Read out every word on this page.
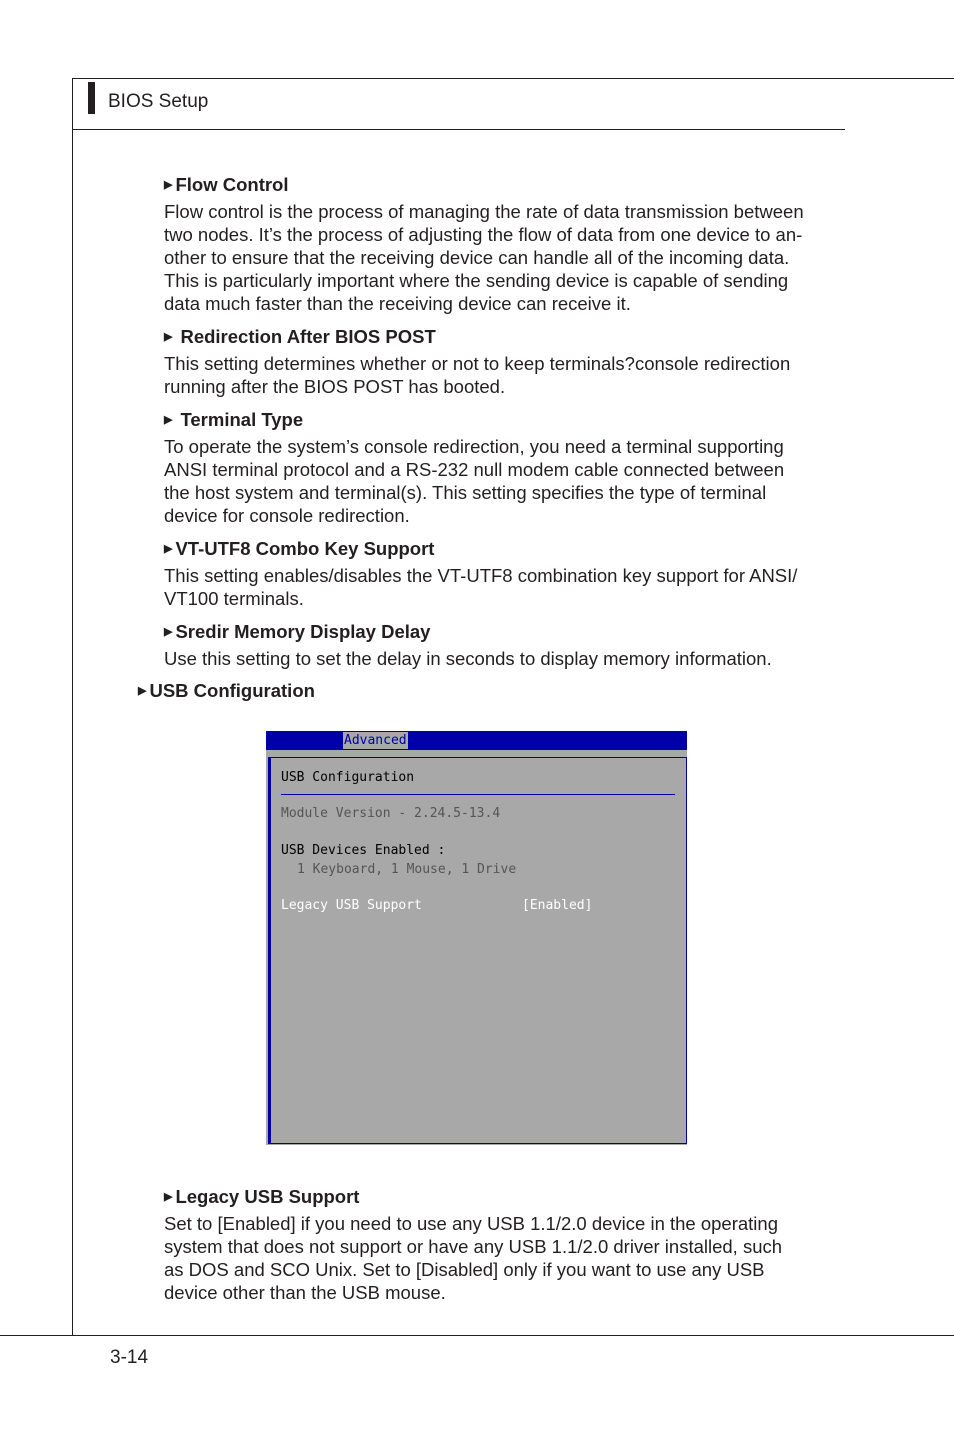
BIOS Setup
▶ Flow Control
Flow control is the process of managing the rate of data transmission between
two nodes. It’s the process of adjusting the flow of data from one device to an-
other to ensure that the receiving device can handle all of the incoming data.
This is particularly important where the sending device is capable of sending
data much faster than the receiving device can receive it.
▶ Redirection After BIOS POST
This setting determines whether or not to keep terminals?console redirection
running after the BIOS POST has booted.
▶ Terminal Type
To operate the system’s console redirection, you need a terminal supporting
ANSI terminal protocol and a RS-232 null modem cable connected between
the host system and terminal(s). This setting specifies the type of terminal
device for console redirection.
▶ VT-UTF8 Combo Key Support
This setting enables/disables the VT-UTF8 combination key support for ANSI/
VT100 terminals.
▶ Sredir Memory Display Delay
Use this setting to set the delay in seconds to display memory information.
▶ USB Configuration
Advanced
USB Configuration
Module Version - 2.24.5-13.4
USB Devices Enabled :
1 Keyboard, 1 Mouse, 1 Drive
Legacy USB Support	[Enabled]
▶ Legacy USB Support
Set to [Enabled] if you need to use any USB 1.1/2.0 device in the operating
system that does not support or have any USB 1.1/2.0 driver installed, such
as DOS and SCO Unix. Set to [Disabled] only if you want to use any USB
device other than the USB mouse.
3-14
